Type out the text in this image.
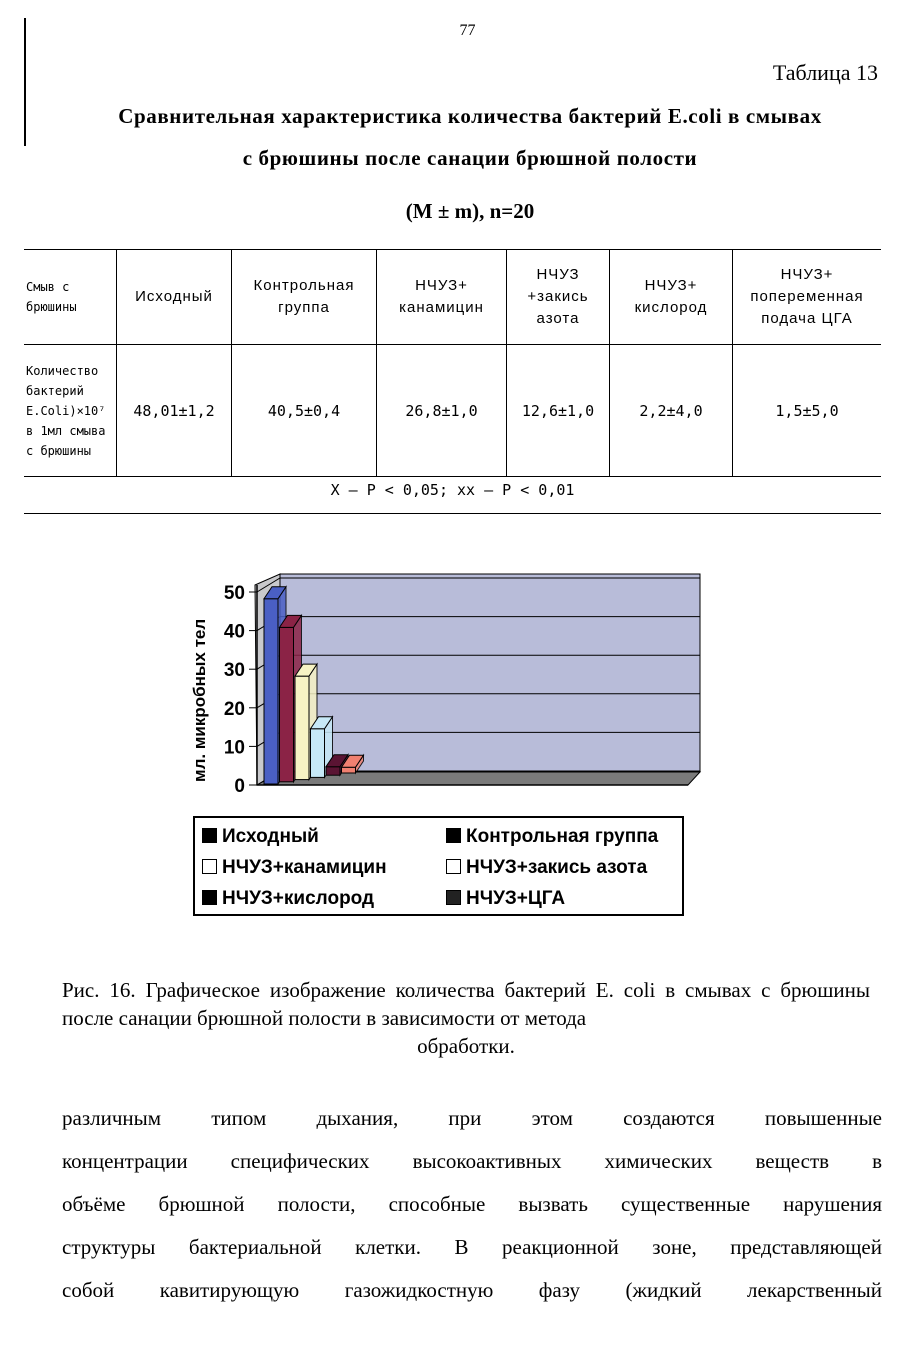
77
Таблица 13
Сравнительная характеристика количества бактерий E.coli в смывах
с брюшины после санации брюшной полости
(M ± m), n=20
Смыв с брюшины	Исходный	Контрольная группа	НЧУЗ+ канамицин	НЧУЗ +закись азота	НЧУЗ+ кислород	НЧУЗ+ попеременная подача ЦГА
Количество бактерий E.Coli)×10⁷ в 1мл смыва с брюшины	48,01±1,2	40,5±0,4	26,8±1,0	12,6±1,0	2,2±4,0	1,5±5,0
X – P < 0,05; xx – P < 0,01
0
10
20
30
40
50
мл. микробных тел
Исходный	Контрольная группа
НЧУЗ+канамицин	НЧУЗ+закись азота
НЧУЗ+кислород	НЧУЗ+ЦГА
Рис. 16. Графическое изображение количества бактерий E. coli в смывах с брюшины после санации брюшной полости в зависимости от метода
обработки.
различным типом дыхания, при этом создаются повышенные
концентрации специфических высокоактивных химических веществ в
объёме брюшной полости, способные вызвать существенные нарушения
структуры бактериальной клетки. В реакционной зоне, представляющей
собой кавитирующую газожидкостную фазу (жидкий лекарственный
